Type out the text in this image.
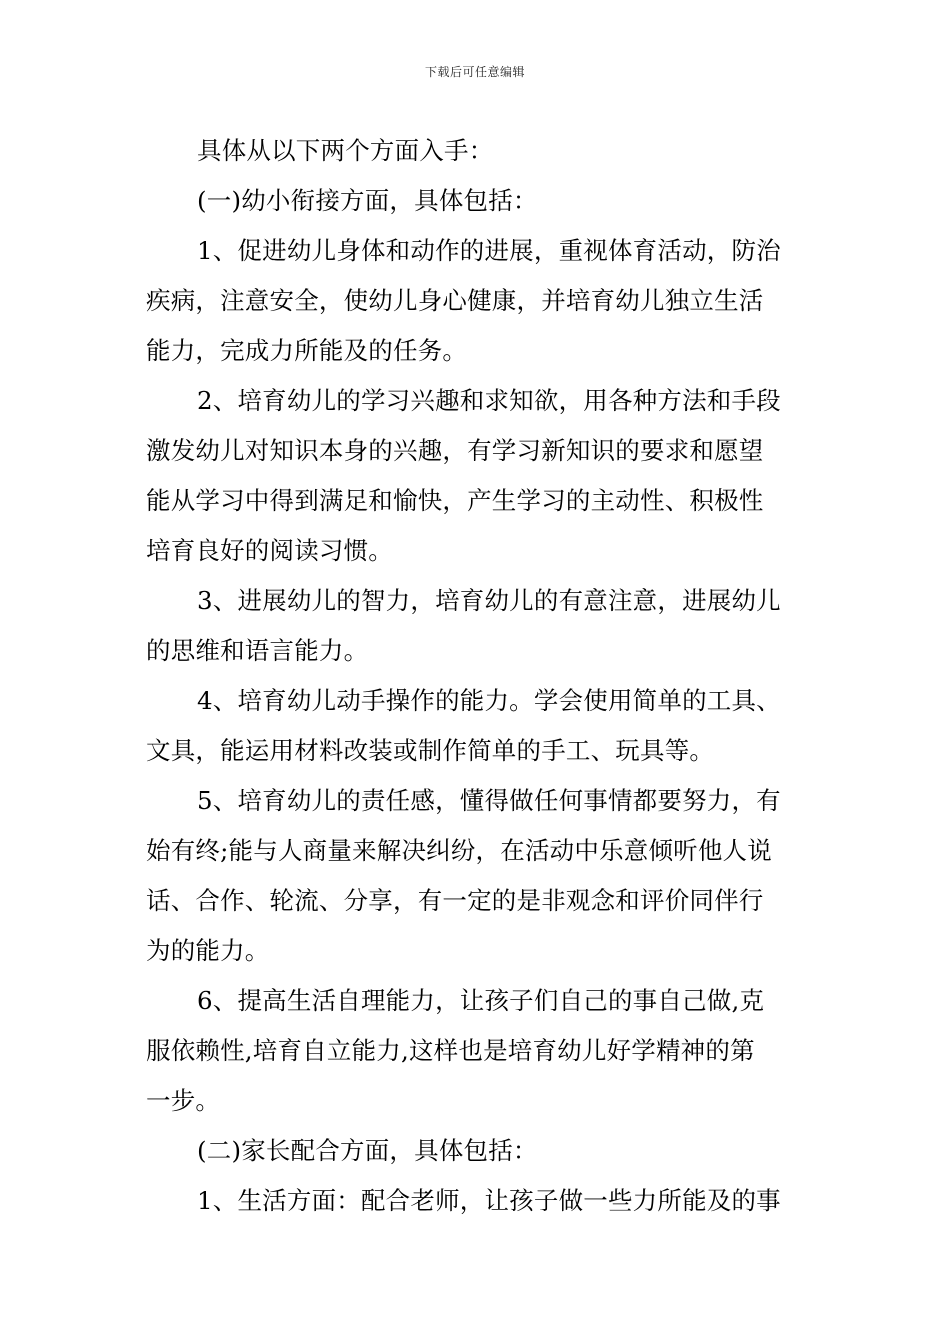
下载后可任意编辑
具体从以下两个方面入手：
(一)幼小衔接方面，具体包括：
1、促进幼儿身体和动作的进展，重视体育活动，防治
疾病，注意安全，使幼儿身心健康，并培育幼儿独立生活
能力，完成力所能及的任务。
2、培育幼儿的学习兴趣和求知欲，用各种方法和手段
激发幼儿对知识本身的兴趣，有学习新知识的要求和愿望
能从学习中得到满足和愉快，产生学习的主动性、积极性
培育良好的阅读习惯。
3、进展幼儿的智力，培育幼儿的有意注意，进展幼儿
的思维和语言能力。
4、培育幼儿动手操作的能力。学会使用简单的工具、
文具，能运用材料改装或制作简单的手工、玩具等。
5、培育幼儿的责任感，懂得做任何事情都要努力，有
始有终;能与人商量来解决纠纷，在活动中乐意倾听他人说
话、合作、轮流、分享，有一定的是非观念和评价同伴行
为的能力。
6、提高生活自理能力，让孩子们自己的事自己做,克
服依赖性,培育自立能力,这样也是培育幼儿好学精神的第
一步。
(二)家长配合方面，具体包括：
1、生活方面：配合老师，让孩子做一些力所能及的事
